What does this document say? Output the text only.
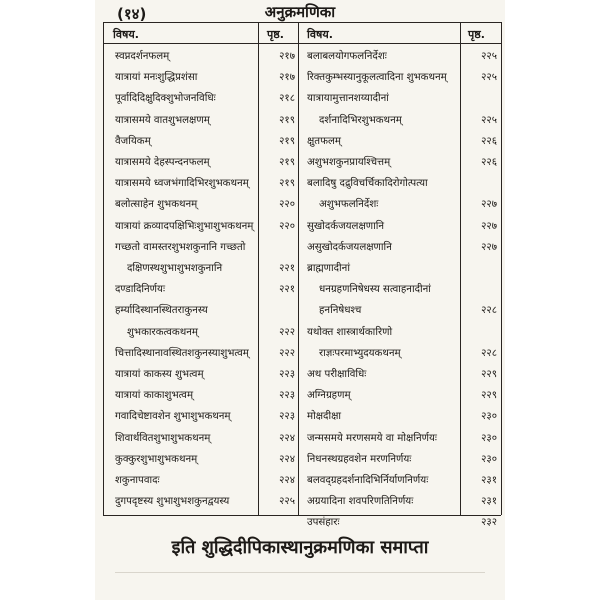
(१४)	अनुक्रमणिका
विषय.	पृष्ठ. विषय.	पृष्ठ.
स्वप्नदर्शनफलम्	२१७
यात्रायां मनःशुद्धिप्रशंसा	२१७
पूर्वादिदिक्षुदिक्शुभोजनविधिः	२१८
यात्रासमये वातशुभलक्षणम्	२१९
वैजयिकम्	२१९
यात्रासमये देहस्पन्दनफलम्	२१९
यात्रासमये ध्वजभंगादिभिरशुभकथनम्	२१९
बलोत्साहेन शुभकथनम्	२२०
यात्रायां क्रव्यादपक्षिभिःशुभाशुभकथनम्	२२०
गच्छतो वामस्तरशुभशकुनानि गच्छतो
दक्षिणस्थशुभाशुभशकुनानि	२२१
दण्डादिनिर्णयः	२२१
हर्म्यादिस्थानस्थितराकुनस्य
शुभकारकत्वकथनम्	२२२
चित्तादिस्थानावस्थितशकुनस्याशुभत्वम्	२२२
यात्रायां काकस्य शुभत्वम्	२२३
यात्रायां काकाशुभत्वम्	२२३
गवादिचेष्टावशेन शुभाशुभकथनम्	२२३
शिवार्थवितशुभाशुभकथनम्	२२४
कुक्कुरशुभाशुभकथनम्	२२४
शकुनापवादः	२२४
दुगपदृष्टस्य शुभाशुभशकुनद्वयस्य	२२५
बलाबलयोगफलनिर्देशः	२२५
रिक्तकुम्भस्यानुकूलत्वादिना शुभकथनम्	२२५
यात्रायामुत्तानशय्यादीनां
दर्शनादिभिरशुभकथनम्	२२५
क्षुतफलम्	२२६
अशुभशकुनप्रायश्चित्तम्	२२६
बलादिषु दद्रुविचर्चिकादिरोगोत्पत्या
अशुभफलनिर्देशः	२२७
सुखोदर्कजयलक्षणानि	२२७
असुखोदर्कजयलक्षणानि	२२७
ब्राह्मणादीनां
धनग्रहणनिषेधस्य सत्वाहनादीनां
हननिषेधश्च	२२८
यथोक्त शास्त्रार्थकारिणो
राज्ञःपरमाभ्युदयकथनम्	२२८
अथ परीक्षाविधिः	२२९
अग्निग्रहणम्	२२९
मोक्षदीक्षा	२३०
जन्मसमये मरणसमये वा मोक्षनिर्णयः	२३०
निधनस्थग्रहवशेन मरणनिर्णयः	२३०
बलवद्ग्रहदर्शनादिभिर्निर्याणनिर्णयः	२३१
अग्रयादिना शवपरिणतिनिर्णयः	२३१
उपसंहारः	२३२
इति शुद्धिदीपिकास्थानुक्रमणिका समाप्ता
